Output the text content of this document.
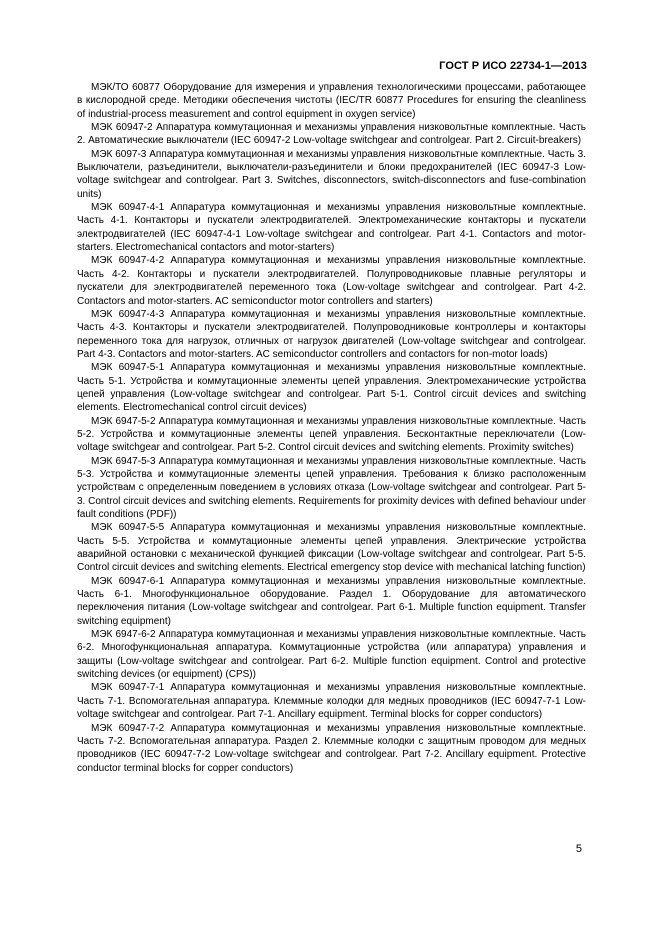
ГОСТ Р ИСО 22734-1—2013

МЭК/ТО 60877 Оборудование для измерения и управления технологическими процессами, работающее в кислородной среде. Методики обеспечения чистоты (IEC/TR 60877 Procedures for ensuring the cleanliness of industrial-process measurement and control equipment in oxygen service)

МЭК 60947-2 Аппаратура коммутационная и механизмы управления низковольтные комплектные. Часть 2. Автоматические выключатели (IEC 60947-2 Low-voltage switchgear and controlgear. Part 2. Circuit-breakers)

МЭК 6097-3 Аппаратура коммутационная и механизмы управления низковольтные комплектные. Часть 3. Выключатели, разъединители, выключатели-разъединители и блоки предохранителей (IEC 60947-3 Low-voltage switchgear and controlgear. Part 3. Switches, disconnectors, switch-disconnectors and fuse-combination units)

МЭК 60947-4-1 Аппаратура коммутационная и механизмы управления низковольтные комплектные. Часть 4-1. Контакторы и пускатели электродвигателей. Электромеханические контакторы и пускатели электродвигателей (IEC 60947-4-1 Low-voltage switchgear and controlgear. Part 4-1. Contactors and motor-starters. Electromechanical contactors and motor-starters)

МЭК 60947-4-2 Аппаратура коммутационная и механизмы управления низковольтные комплектные. Часть 4-2. Контакторы и пускатели электродвигателей. Полупроводниковые плавные регуляторы и пускатели для электродвигателей переменного тока (Low-voltage switchgear and controlgear. Part 4-2. Contactors and motor-starters. AC semiconductor motor controllers and starters)

МЭК 60947-4-3 Аппаратура коммутационная и механизмы управления низковольтные комплектные. Часть 4-3. Контакторы и пускатели электродвигателей. Полупроводниковые контроллеры и контакторы переменного тока для нагрузок, отличных от нагрузок двигателей (Low-voltage switchgear and controlgear. Part 4-3. Contactors and motor-starters. AC semiconductor controllers and contactors for non-motor loads)

МЭК 60947-5-1 Аппаратура коммутационная и механизмы управления низковольтные комплектные. Часть 5-1. Устройства и коммутационные элементы цепей управления. Электромеханические устройства цепей управления (Low-voltage switchgear and controlgear. Part 5-1. Control circuit devices and switching elements. Electromechanical control circuit devices)

МЭК 6947-5-2 Аппаратура коммутационная и механизмы управления низковольтные комплектные. Часть 5-2. Устройства и коммутационные элементы цепей управления. Бесконтактные переключатели (Low-voltage switchgear and controlgear. Part 5-2. Control circuit devices and switching elements. Proximity switches)

МЭК 6947-5-3 Аппаратура коммутационная и механизмы управления низковольтные комплектные. Часть 5-3. Устройства и коммутационные элементы цепей управления. Требования к близко расположенным устройствам с определенным поведением в условиях отказа (Low-voltage switchgear and controlgear. Part 5-3. Control circuit devices and switching elements. Requirements for proximity devices with defined behaviour under fault conditions (PDF))

МЭК 60947-5-5 Аппаратура коммутационная и механизмы управления низковольтные комплектные. Часть 5-5. Устройства и коммутационные элементы цепей управления. Электрические устройства аварийной остановки с механической функцией фиксации (Low-voltage switchgear and controlgear. Part 5-5. Control circuit devices and switching elements. Electrical emergency stop device with mechanical latching function)

МЭК 60947-6-1 Аппаратура коммутационная и механизмы управления низковольтные комплектные. Часть 6-1. Многофункциональное оборудование. Раздел 1. Оборудование для автоматического переключения питания (Low-voltage switchgear and controlgear. Part 6-1. Multiple function equipment. Transfer switching equipment)

МЭК 6947-6-2 Аппаратура коммутационная и механизмы управления низковольтные комплектные. Часть 6-2. Многофункциональная аппаратура. Коммутационные устройства (или аппаратура) управления и защиты (Low-voltage switchgear and controlgear. Part 6-2. Multiple function equipment. Control and protective switching devices (or equipment) (CPS))

МЭК 60947-7-1 Аппаратура коммутационная и механизмы управления низковольтные комплектные. Часть 7-1. Вспомогательная аппаратура. Клеммные колодки для медных проводников (IEC 60947-7-1 Low-voltage switchgear and controlgear. Part 7-1. Ancillary equipment. Terminal blocks for copper conductors)

МЭК 60947-7-2 Аппаратура коммутационная и механизмы управления низковольтные комплектные. Часть 7-2. Вспомогательная аппаратура. Раздел 2. Клеммные колодки с защитным проводом для медных проводников (IEC 60947-7-2 Low-voltage switchgear and controlgear. Part 7-2. Ancillary equipment. Protective conductor terminal blocks for copper conductors)

5
